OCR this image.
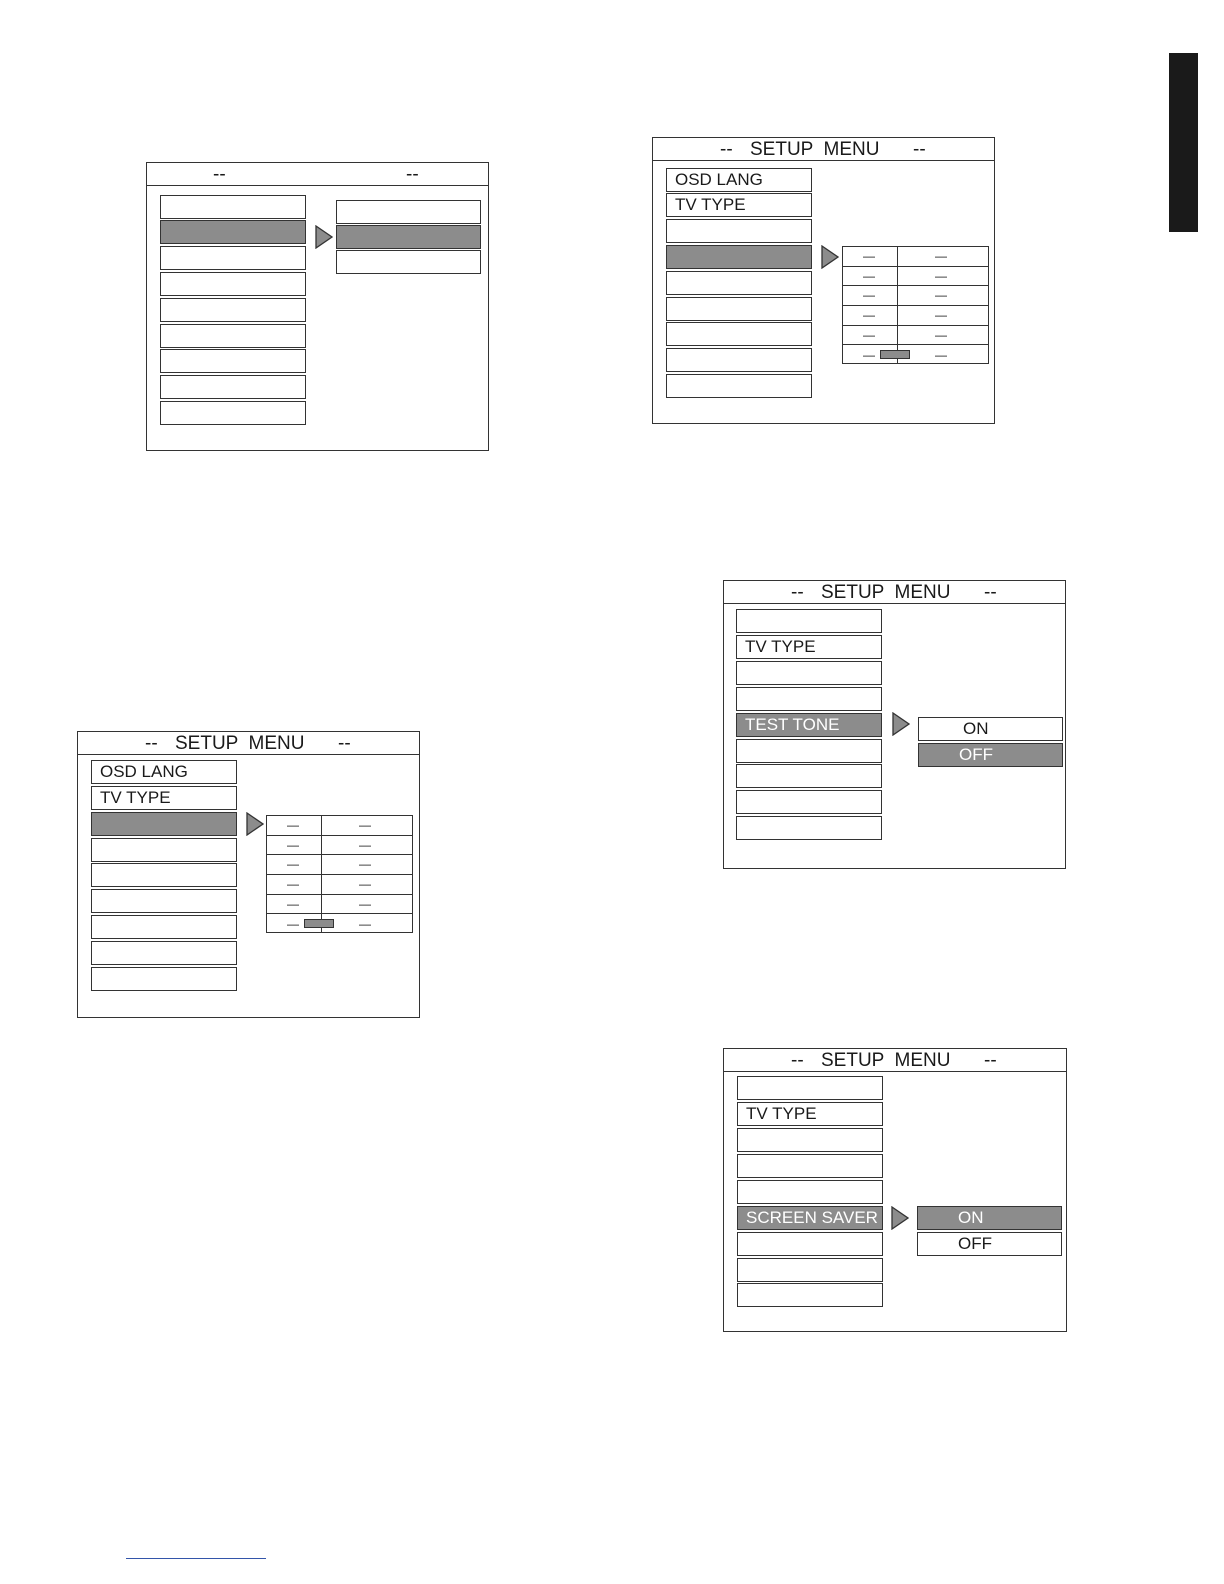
--	--
-- SETUP  MENU --
OSD LANG
TV TYPE
—	—
—	—
—	—
—	—
—	—
—	—
-- SETUP  MENU --
OSD LANG
TV TYPE
—	—
—	—
—	—
—	—
—	—
—	—
-- SETUP  MENU --
TV TYPE
TEST TONE	ON
OFF
-- SETUP  MENU --
TV TYPE
SCREEN SAVER	ON
OFF
